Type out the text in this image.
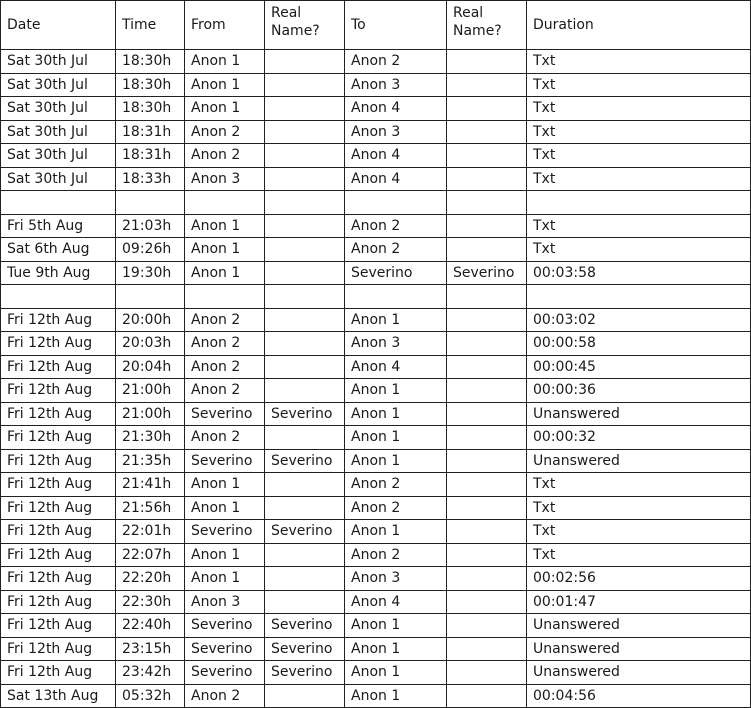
Date	Time	From	Real Name?	To	Real Name?	Duration
Sat 30th Jul	18:30h	Anon 1		Anon 2		Txt
Sat 30th Jul	18:30h	Anon 1		Anon 3		Txt
Sat 30th Jul	18:30h	Anon 1		Anon 4		Txt
Sat 30th Jul	18:31h	Anon 2		Anon 3		Txt
Sat 30th Jul	18:31h	Anon 2		Anon 4		Txt
Sat 30th Jul	18:33h	Anon 3		Anon 4		Txt

Fri 5th Aug	21:03h	Anon 1		Anon 2		Txt
Sat 6th Aug	09:26h	Anon 1		Anon 2		Txt
Tue 9th Aug	19:30h	Anon 1		Severino	Severino	00:03:58

Fri 12th Aug	20:00h	Anon 2		Anon 1		00:03:02
Fri 12th Aug	20:03h	Anon 2		Anon 3		00:00:58
Fri 12th Aug	20:04h	Anon 2		Anon 4		00:00:45
Fri 12th Aug	21:00h	Anon 2		Anon 1		00:00:36
Fri 12th Aug	21:00h	Severino	Severino	Anon 1		Unanswered
Fri 12th Aug	21:30h	Anon 2		Anon 1		00:00:32
Fri 12th Aug	21:35h	Severino	Severino	Anon 1		Unanswered
Fri 12th Aug	21:41h	Anon 1		Anon 2		Txt
Fri 12th Aug	21:56h	Anon 1		Anon 2		Txt
Fri 12th Aug	22:01h	Severino	Severino	Anon 1		Txt
Fri 12th Aug	22:07h	Anon 1		Anon 2		Txt
Fri 12th Aug	22:20h	Anon 1		Anon 3		00:02:56
Fri 12th Aug	22:30h	Anon 3		Anon 4		00:01:47
Fri 12th Aug	22:40h	Severino	Severino	Anon 1		Unanswered
Fri 12th Aug	23:15h	Severino	Severino	Anon 1		Unanswered
Fri 12th Aug	23:42h	Severino	Severino	Anon 1		Unanswered
Sat 13th Aug	05:32h	Anon 2		Anon 1		00:04:56
